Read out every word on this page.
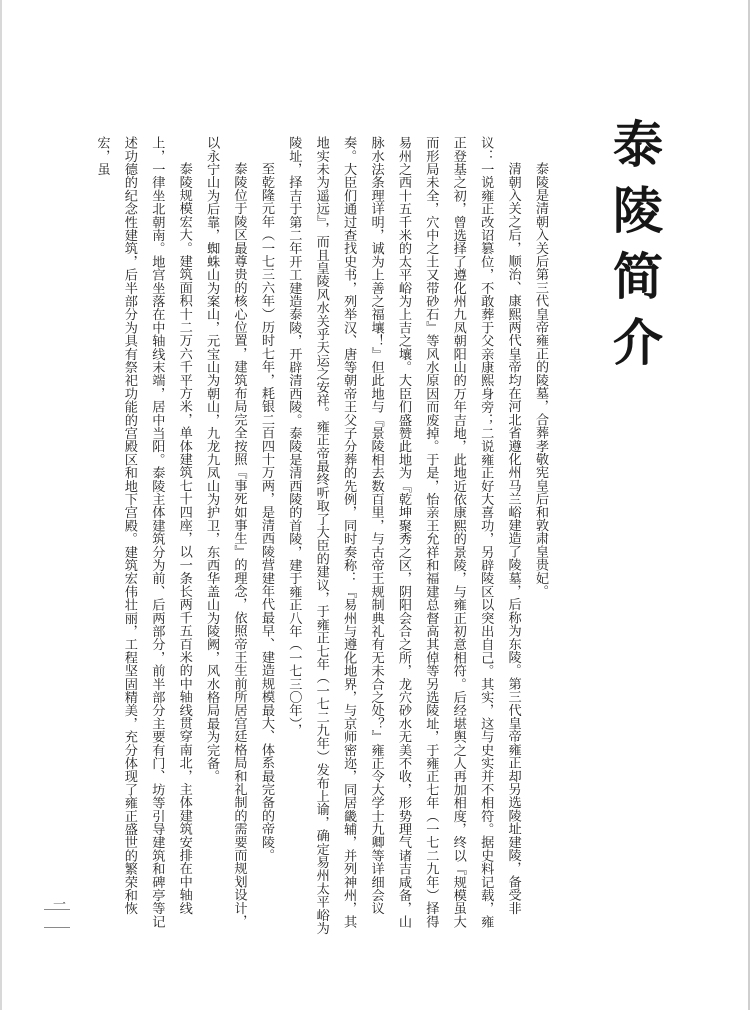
泰陵简介

泰陵是清朝入关后第三代皇帝雍正的陵墓，合葬孝敬宪皇后和敦肃皇贵妃。

清朝入关之后，顺治、康熙两代皇帝均在河北省遵化州马兰峪建造了陵墓，后称为东陵。第三代皇帝雍正却另选陵址建陵，备受非议：一说雍正改诏篡位，不敢葬于父亲康熙身旁；二说雍正好大喜功，另辟陵区以突出自己。其实，这与史实并不相符。据史料记载，雍正登基之初，曾选择了遵化州九凤朝阳山的万年吉地，此地近依康熙的景陵，与雍正初意相符。后经堪舆之人再加相度，终以『规模虽大而形局未全，穴中之土又带砂石』等风水原因而废掉。于是，怡亲王允祥和福建总督高其倬等另选陵址，于雍正七年（一七二九年）择得易州之西十五千米的太平峪为上吉之壤。大臣们盛赞此地为『乾坤聚秀之区，阴阳会合之所，龙穴砂水无美不收，形势理气诸吉咸备，山脉水法条理详明，诚为上善之福壤！』但此地与『景陵相去数百里，与古帝王规制典礼有无未合之处？』雍正令大学士九卿等详细会议奏。大臣们通过查找史书，列举汉、唐等朝帝王父子分葬的先例，同时奏称：『易州与遵化地界，与京师密迩，同居畿辅，并列神州，其地实未为遥远』，而且皇陵风水关乎天运之安祥。雍正帝最终听取了大臣的建议，于雍正七年（一七二九年）发布上谕，确定易州太平峪为陵址，择吉于第二年开工建造泰陵，开辟清西陵。泰陵是清西陵的首陵，建于雍正八年（一七三〇年），

至乾隆元年（一七三六年）历时七年，耗银二百四十万两，是清西陵营建年代最早、建造规模最大、体系最完备的帝陵。

泰陵位于陵区最尊贵的核心位置，建筑布局完全按照『事死如事生』的理念，依照帝王生前所居宫廷格局和礼制的需要而规划设计，以永宁山为后靠，蜘蛛山为案山，元宝山为朝山，九龙九凤山为护卫，东西华盖山为陵阙，风水格局最为完备。

泰陵规模宏大。建筑面积十二万六千平方米，单体建筑七十四座，以一条长两千五百米的中轴线贯穿南北，主体建筑安排在中轴线上，一律坐北朝南。地宫坐落在中轴线末端，居中当阳。泰陵主体建筑分为前、后两部分，前半部分主要有门、坊等引导建筑和碑亭等记述功德的纪念性建筑，后半部分为具有祭祀功能的宫殿区和地下宫殿。建筑宏伟壮丽，工程坚固精美，充分体现了雍正盛世的繁荣和恢宏，虽

一
